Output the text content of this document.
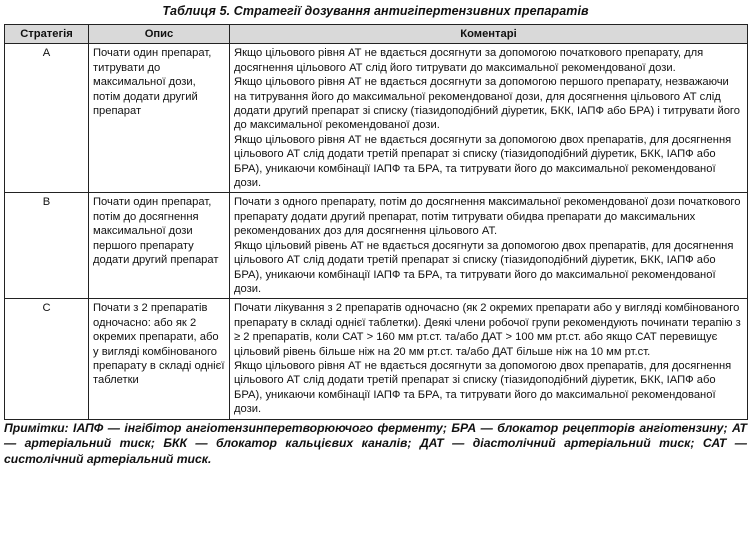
Таблиця 5. Стратегії дозування антигіпертензивних препаратів
Стратегія	Опис	Коментарі
A	Почати один препарат, титрувати до максимальної дози, потім додати другий препарат	Якщо цільового рівня АТ не вдається досягнути за допомогою початкового препарату, для досягнення цільового АТ слід його титрувати до максимальної рекомендованої дози.
Якщо цільового рівня АТ не вдається досягнути за допомогою першого препарату, незважаючи на титрування його до максимальної рекомендованої дози, для досягнення цільового АТ слід додати другий препарат зі списку (тіазидоподібний діуретик, БКК, ІАПФ або БРА) і титрувати його до максимальної рекомендованої дози.
Якщо цільового рівня АТ не вдається досягнути за допомогою двох препаратів, для досягнення цільового АТ слід додати третій препарат зі списку (тіазидоподібний діуретик, БКК, ІАПФ або БРА), уникаючи комбінації ІАПФ та БРА, та титрувати його до максимальної рекомендованої дози.

B	Почати один препарат, потім до досягнення максимальної дози першого препарату додати другий препарат	Почати з одного препарату, потім до досягнення максимальної рекомендованої дози початкового препарату додати другий препарат, потім титрувати обидва препарати до максимальних рекомендованих доз для досягнення цільового АТ.
Якщо цільовий рівень АТ не вдається досягнути за допомогою двох препаратів, для досягнення цільового АТ слід додати третій препарат зі списку (тіазидоподібний діуретик, БКК, ІАПФ або БРА), уникаючи комбінації ІАПФ та БРА, та титрувати його до максимальної рекомендованої дози.

C	Почати з 2 препаратів одночасно: або як 2 окремих препарати, або у вигляді комбінованого препарату в складі однієї таблетки	Почати лікування з 2 препаратів одночасно (як 2 окремих препарати або у вигляді комбінованого препарату в складі однієї таблетки). Деякі члени робочої групи рекомендують починати терапію з ≥ 2 препаратів, коли САТ > 160 мм рт.ст. та/або ДАТ > 100 мм рт.ст. або якщо САТ перевищує цільовий рівень більше ніж на 20 мм рт.ст. та/або ДАТ більше ніж на 10 мм рт.ст.
Якщо цільового рівня АТ не вдається досягнути за допомогою двох препаратів, для досягнення цільового АТ слід додати третій препарат зі списку (тіазидоподібний діуретик, БКК, ІАПФ або БРА), уникаючи комбінації ІАПФ та БРА, та титрувати його до максимальної рекомендованої дози.
Примітки: ІАПФ — інгібітор ангіотензинперетворюючого ферменту; БРА — блокатор рецепторів ангіотензину; АТ — артеріальний тиск; БКК — блокатор кальцієвих каналів; ДАТ — діастолічний артеріальний тиск; САТ — систолічний артеріальний тиск.
